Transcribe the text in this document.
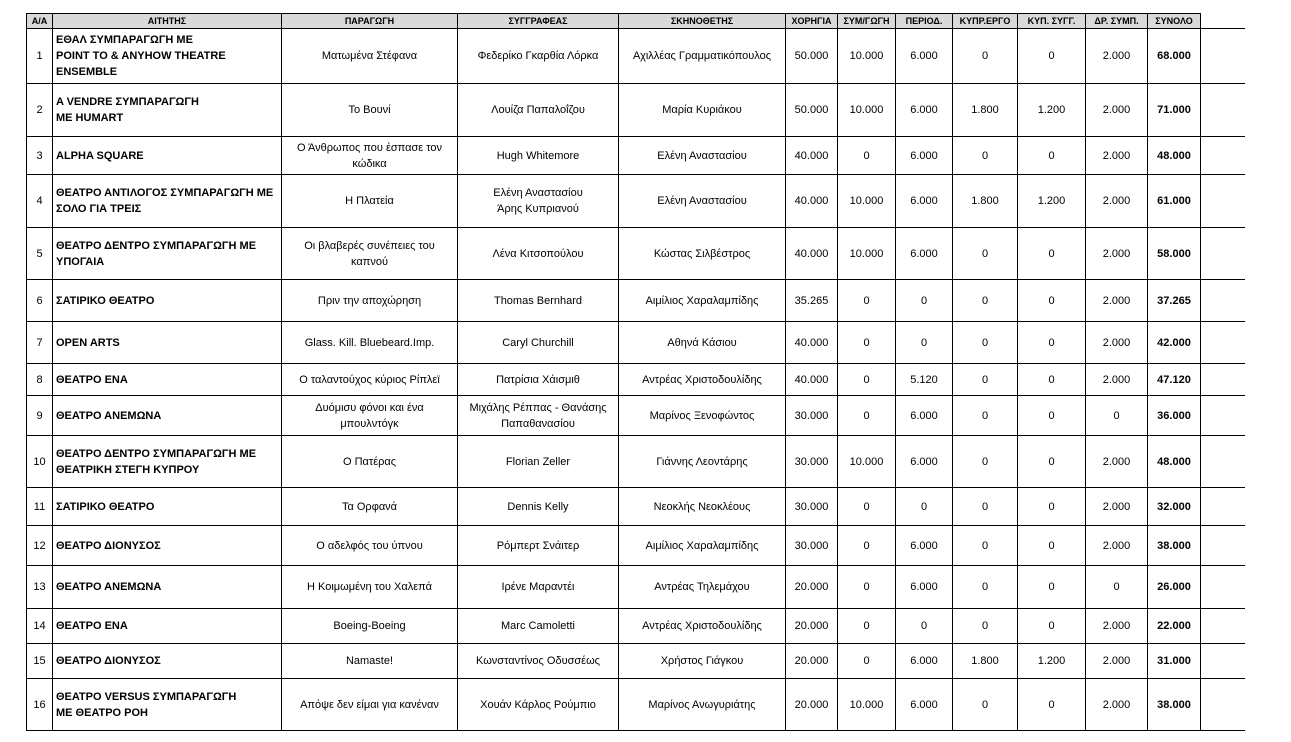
Α/Α	ΑΙΤΗΤΗΣ	ΠΑΡΑΓΩΓΗ	ΣΥΓΓΡΑΦΕΑΣ	ΣΚΗΝΟΘΕΤΗΣ	ΧΟΡΗΓΙΑ	ΣΥΜ/ΓΩΓΗ	ΠΕΡΙΟΔ.	ΚΥΠΡ.ΕΡΓΟ	ΚΥΠ. ΣΥΓΓ.	ΔΡ. ΣΥΜΠ.	ΣΥΝΟΛΟ	
1	ΕΘΑΛ ΣΥΜΠΑΡΑΓΩΓΗ ΜΕ
POINT TO & ANYHOW THEATRE
ENSEMBLE	Ματωμένα Στέφανα	Φεδερίκο Γκαρθία Λόρκα	Αχιλλέας Γραμματικόπουλος	50.000	10.000	6.000	0	0	2.000	68.000	
2	A VENDRE ΣΥΜΠΑΡΑΓΩΓΗ
ΜΕ HUMART	Το Βουνί	Λουίζα Παπαλοΐζου	Μαρία Κυριάκου	50.000	10.000	6.000	1.800	1.200	2.000	71.000	
3	ALPHA SQUARE	Ο Άνθρωπος που έσπασε τον
κώδικα	Hugh Whitemore	Ελένη Αναστασίου	40.000	0	6.000	0	0	2.000	48.000	
4	ΘΕΑΤΡΟ ΑΝΤΙΛΟΓΟΣ ΣΥΜΠΑΡΑΓΩΓΗ ΜΕ
ΣΟΛΟ ΓΙΑ ΤΡΕΙΣ	Η Πλατεία	Ελένη Αναστασίου
Άρης Κυπριανού	Ελένη Αναστασίου	40.000	10.000	6.000	1.800	1.200	2.000	61.000	
5	ΘΕΑΤΡΟ ΔΕΝΤΡΟ ΣΥΜΠΑΡΑΓΩΓΗ ΜΕ
ΥΠΟΓΑΙΑ	Οι βλαβερές συνέπειες του
καπνού	Λένα Κιτσοπούλου	Κώστας Σιλβέστρος	40.000	10.000	6.000	0	0	2.000	58.000	
6	ΣΑΤΙΡΙΚΟ ΘΕΑΤΡΟ	Πριν την αποχώρηση	Thomas Bernhard	Αιμίλιος Χαραλαμπίδης	35.265	0	0	0	0	2.000	37.265	
7	OPEN ARTS	Glass. Kill. Bluebeard.Imp.	Caryl Churchill	Αθηνά Κάσιου	40.000	0	0	0	0	2.000	42.000	
8	ΘΕΑΤΡΟ ΕΝΑ	Ο ταλαντούχος κύριος Ρίπλεϊ	Πατρίσια Χάισμιθ	Αντρέας Χριστοδουλίδης	40.000	0	5.120	0	0	2.000	47.120	
9	ΘΕΑΤΡΟ ΑΝΕΜΩΝΑ	Δυόμισυ φόνοι και ένα
μπουλντόγκ	Μιχάλης Ρέππας - Θανάσης
Παπαθανασίου	Μαρίνος Ξενοφώντος	30.000	0	6.000	0	0	0	36.000	
10	ΘΕΑΤΡΟ ΔΕΝΤΡΟ ΣΥΜΠΑΡΑΓΩΓΗ ΜΕ
ΘΕΑΤΡΙΚΗ ΣΤΕΓΗ ΚΥΠΡΟΥ	Ο Πατέρας	Florian Zeller	Γιάννης Λεοντάρης	30.000	10.000	6.000	0	0	2.000	48.000	
11	ΣΑΤΙΡΙΚΟ ΘΕΑΤΡΟ	Τα Ορφανά	Dennis Kelly	Νεοκλής Νεοκλέους	30.000	0	0	0	0	2.000	32.000	
12	ΘΕΑΤΡΟ ΔΙΟΝΥΣΟΣ	Ο αδελφός του ύπνου	Ρόμπερτ Σνάιτερ	Αιμίλιος Χαραλαμπίδης	30.000	0	6.000	0	0	2.000	38.000	
13	ΘΕΑΤΡΟ ΑΝΕΜΩΝΑ	Η Κοιμωμένη του Χαλεπά	Ιρένε Μαραντέι	Αντρέας Τηλεμάχου	20.000	0	6.000	0	0	0	26.000	
14	ΘΕΑΤΡΟ ΕΝΑ	Boeing-Boeing	Marc Camoletti	Αντρέας Χριστοδουλίδης	20.000	0	0	0	0	2.000	22.000	
15	ΘΕΑΤΡΟ ΔΙΟΝΥΣΟΣ	Namaste!	Κωνσταντίνος Οδυσσέως	Χρήστος Γιάγκου	20.000	0	6.000	1.800	1.200	2.000	31.000	
16	ΘΕΑΤΡΟ VERSUS ΣΥΜΠΑΡΑΓΩΓΗ
ΜΕ ΘΕΑΤΡΟ ΡΟΗ	Απόψε δεν είμαι για κανέναν	Χουάν Κάρλος Ρούμπιο	Μαρίνος Ανωγυριάτης	20.000	10.000	6.000	0	0	2.000	38.000	
